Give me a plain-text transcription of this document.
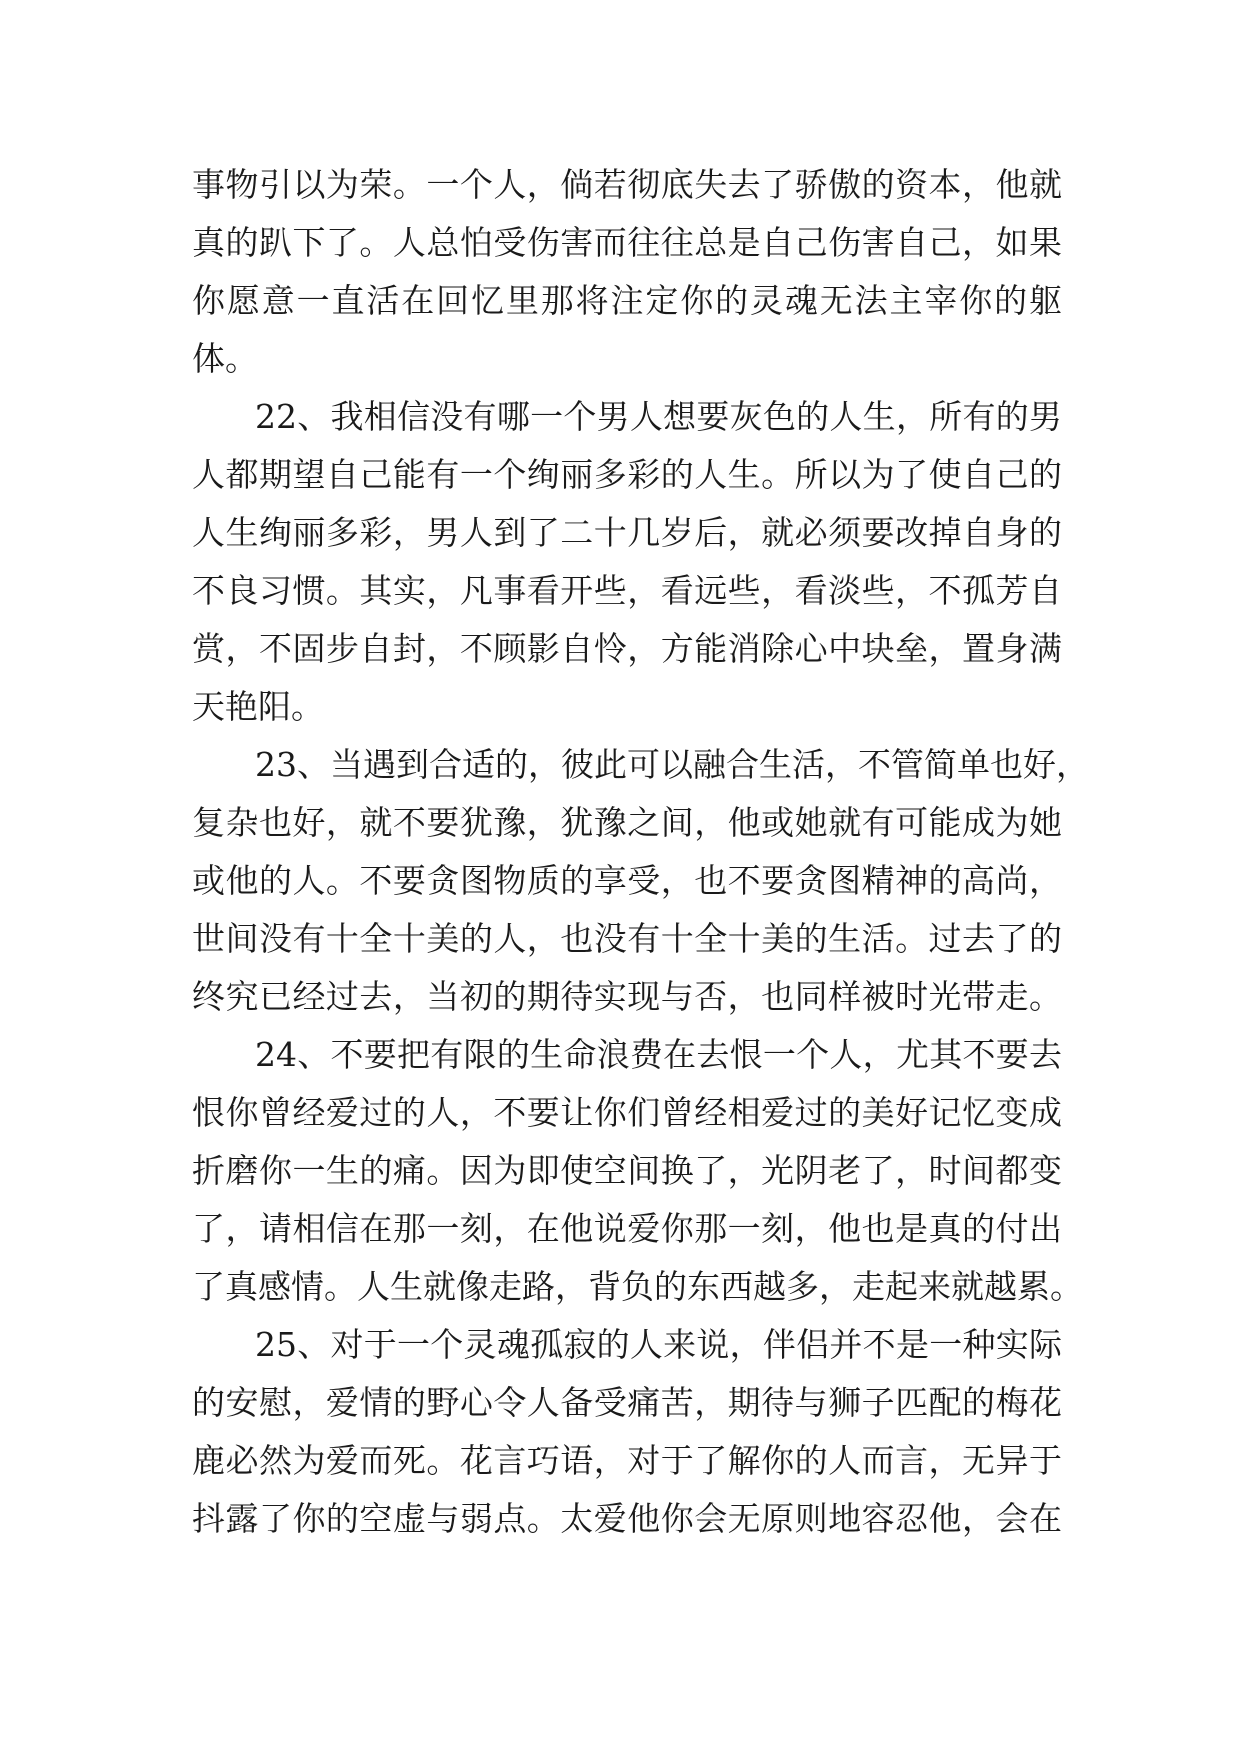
事物引以为荣。一个人，倘若彻底失去了骄傲的资本，他就
真的趴下了。人总怕受伤害而往往总是自己伤害自己，如果
你愿意一直活在回忆里那将注定你的灵魂无法主宰你的躯
体。
22、我相信没有哪一个男人想要灰色的人生，所有的男
人都期望自己能有一个绚丽多彩的人生。所以为了使自己的
人生绚丽多彩，男人到了二十几岁后，就必须要改掉自身的
不良习惯。其实，凡事看开些，看远些，看淡些，不孤芳自
赏，不固步自封，不顾影自怜，方能消除心中块垒，置身满
天艳阳。
23、当遇到合适的，彼此可以融合生活，不管简单也好，
复杂也好，就不要犹豫，犹豫之间，他或她就有可能成为她
或他的人。不要贪图物质的享受，也不要贪图精神的高尚，
世间没有十全十美的人，也没有十全十美的生活。过去了的
终究已经过去，当初的期待实现与否，也同样被时光带走。
24、不要把有限的生命浪费在去恨一个人，尤其不要去
恨你曾经爱过的人，不要让你们曾经相爱过的美好记忆变成
折磨你一生的痛。因为即使空间换了，光阴老了，时间都变
了，请相信在那一刻，在他说爱你那一刻，他也是真的付出
了真感情。人生就像走路，背负的东西越多，走起来就越累。
25、对于一个灵魂孤寂的人来说，伴侣并不是一种实际
的安慰，爱情的野心令人备受痛苦，期待与狮子匹配的梅花
鹿必然为爱而死。花言巧语，对于了解你的人而言，无异于
抖露了你的空虚与弱点。太爱他你会无原则地容忍他，会在
